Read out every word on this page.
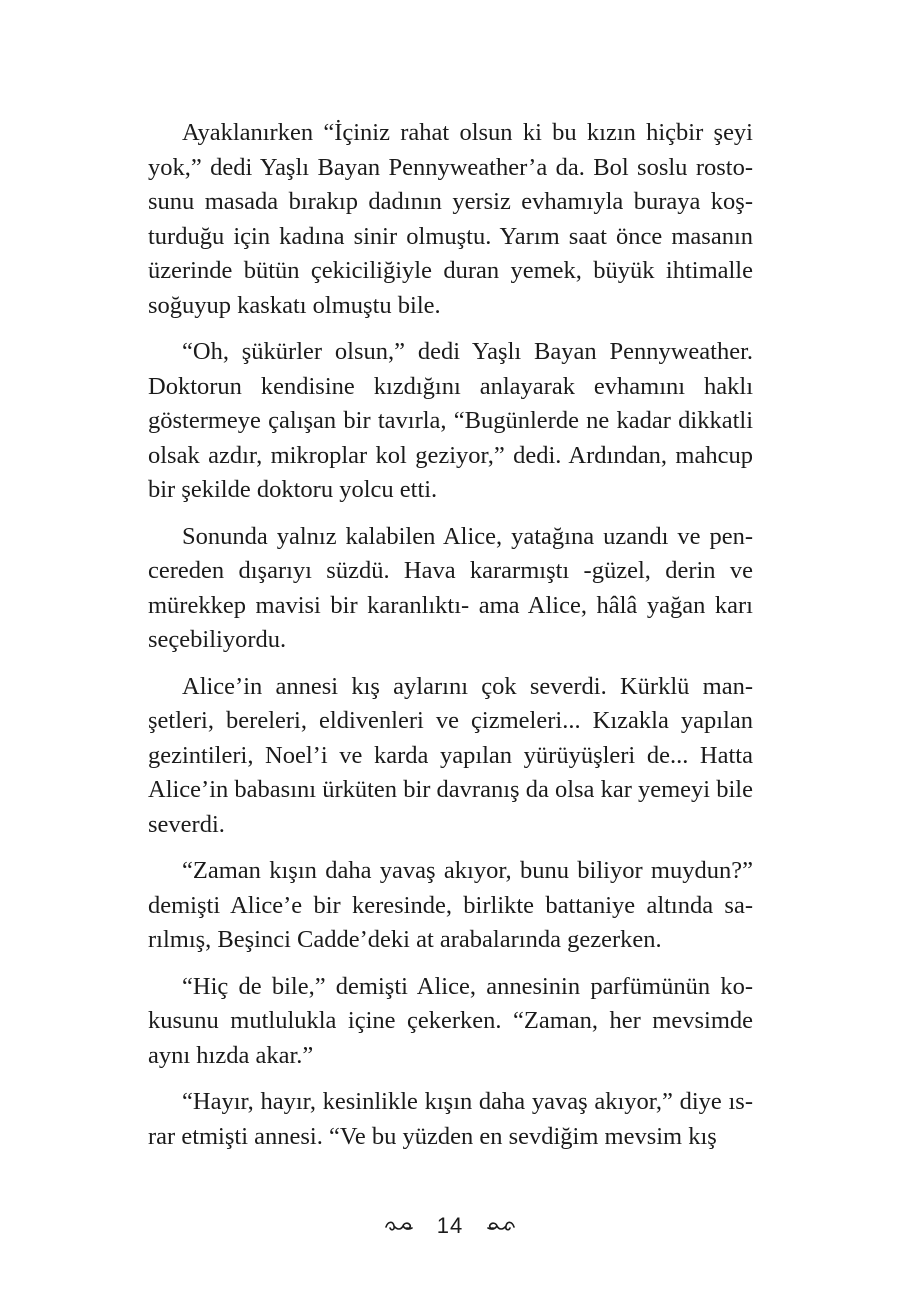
Ayaklanırken “İçiniz rahat olsun ki bu kızın hiçbir şeyi yok,” dedi Yaşlı Bayan Pennyweather’a da. Bol soslu rostosunu masada bırakıp dadının yersiz evhamıyla buraya koşturduğu için kadına sinir olmuştu. Yarım saat önce masanın üzerinde bütün çekiciliğiyle duran yemek, büyük ihtimalle soğuyup kaskatı olmuştu bile.

“Oh, şükürler olsun,” dedi Yaşlı Bayan Pennyweather. Doktorun kendisine kızdığını anlayarak evhamını haklı göstermeye çalışan bir tavırla, “Bugünlerde ne kadar dikkatli olsak azdır, mikroplar kol geziyor,” dedi. Ardından, mahcup bir şekilde doktoru yolcu etti.

Sonunda yalnız kalabilen Alice, yatağına uzandı ve pencereden dışarıyı süzdü. Hava kararmıştı -güzel, derin ve mürekkep mavisi bir karanlıktı- ama Alice, hâlâ yağan karı seçebiliyordu.

Alice’in annesi kış aylarını çok severdi. Kürklü manşetleri, bereleri, eldivenleri ve çizmeleri... Kızakla yapılan gezintileri, Noel’i ve karda yapılan yürüyüşleri de... Hatta Alice’in babasını ürküten bir davranış da olsa kar yemeyi bile severdi.

“Zaman kışın daha yavaş akıyor, bunu biliyor muydun?” demişti Alice’e bir keresinde, birlikte battaniye altında sarılmış, Beşinci Cadde’deki at arabalarında gezerken.

“Hiç de bile,” demişti Alice, annesinin parfümünün kokusunu mutlulukla içine çekerken. “Zaman, her mevsimde aynı hızda akar.”

“Hayır, hayır, kesinlikle kışın daha yavaş akıyor,” diye ısrar etmişti annesi. “Ve bu yüzden en sevdiğim mevsim kış

14
